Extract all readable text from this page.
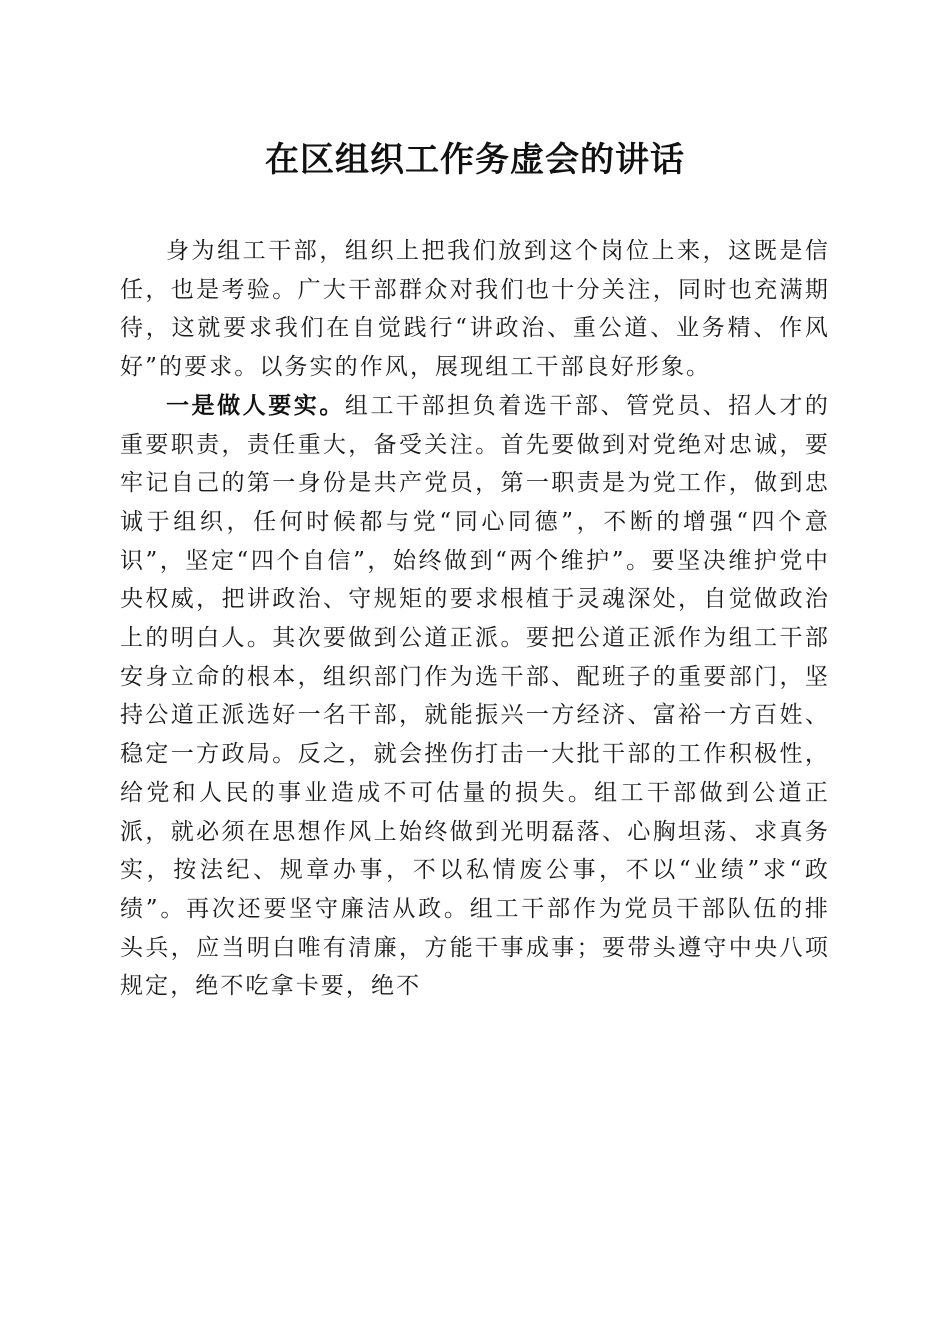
在区组织工作务虚会的讲话

身为组工干部，组织上把我们放到这个岗位上来，这既是信任，也是考验。广大干部群众对我们也十分关注，同时也充满期待，这就要求我们在自觉践行“讲政治、重公道、业务精、作风好”的要求。以务实的作风，展现组工干部良好形象。

一是做人要实。组工干部担负着选干部、管党员、招人才的重要职责，责任重大，备受关注。首先要做到对党绝对忠诚，要牢记自己的第一身份是共产党员，第一职责是为党工作，做到忠诚于组织，任何时候都与党“同心同德”，不断的增强“四个意识”，坚定“四个自信”，始终做到“两个维护”。要坚决维护党中央权威，把讲政治、守规矩的要求根植于灵魂深处，自觉做政治上的明白人。其次要做到公道正派。要把公道正派作为组工干部安身立命的根本，组织部门作为选干部、配班子的重要部门，坚持公道正派选好一名干部，就能振兴一方经济、富裕一方百姓、稳定一方政局。反之，就会挫伤打击一大批干部的工作积极性，给党和人民的事业造成不可估量的损失。组工干部做到公道正派，就必须在思想作风上始终做到光明磊落、心胸坦荡、求真务实，按法纪、规章办事，不以私情废公事，不以“业绩”求“政绩”。再次还要坚守廉洁从政。组工干部作为党员干部队伍的排头兵，应当明白唯有清廉，方能干事成事；要带头遵守中央八项规定，绝不吃拿卡要，绝不
